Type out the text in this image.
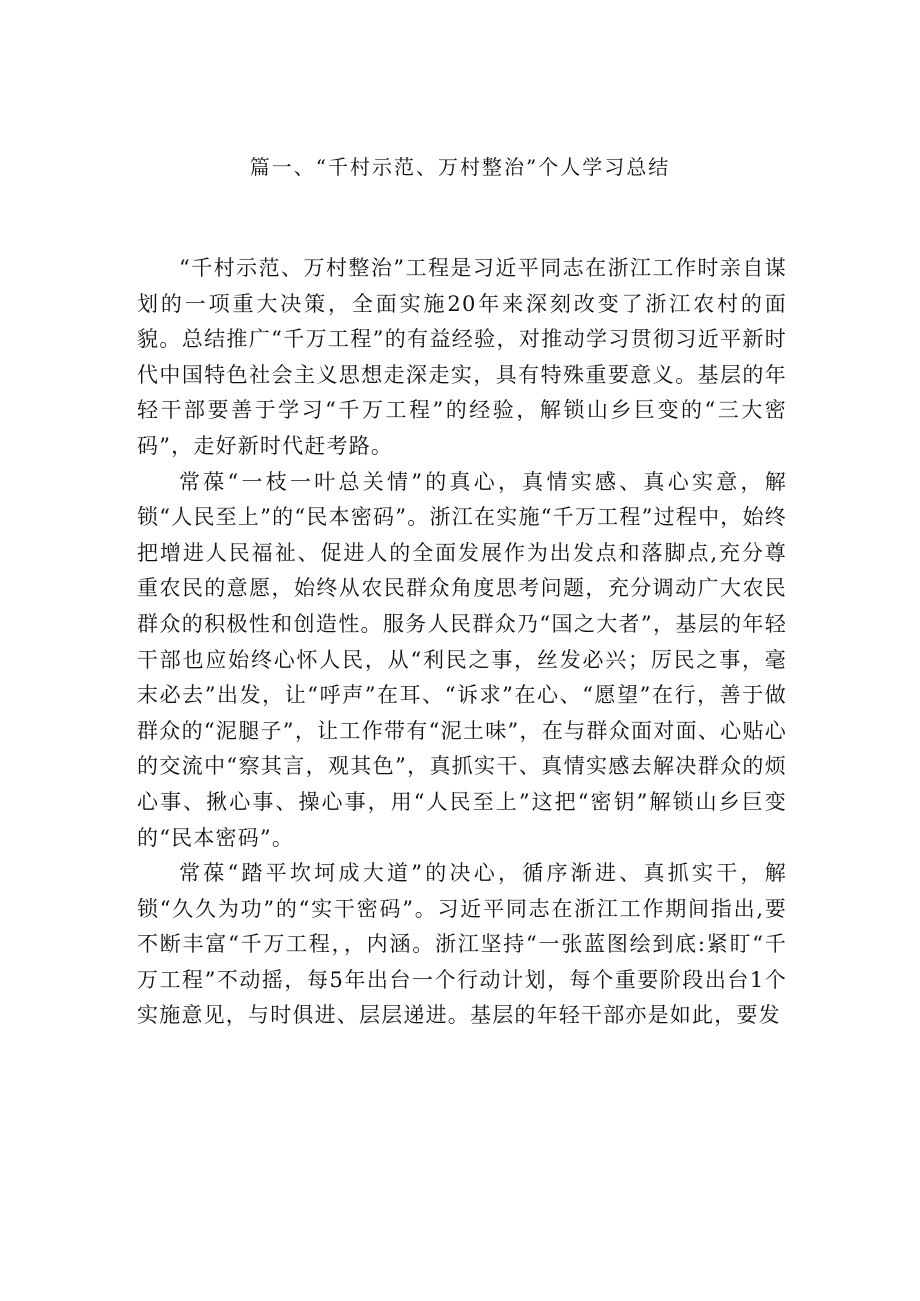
篇一、“千村示范、万村整治”个人学习总结

“千村示范、万村整治”工程是习近平同志在浙江工作时亲自谋划的一项重大决策，全面实施20年来深刻改变了浙江农村的面貌。总结推广“千万工程”的有益经验，对推动学习贯彻习近平新时代中国特色社会主义思想走深走实，具有特殊重要意义。基层的年轻干部要善于学习“千万工程”的经验，解锁山乡巨变的“三大密码”，走好新时代赶考路。

常葆“一枝一叶总关情”的真心，真情实感、真心实意，解锁“人民至上”的“民本密码”。浙江在实施“千万工程”过程中，始终把增进人民福祉、促进人的全面发展作为出发点和落脚点,充分尊重农民的意愿，始终从农民群众角度思考问题，充分调动广大农民群众的积极性和创造性。服务人民群众乃“国之大者”，基层的年轻干部也应始终心怀人民，从“利民之事，丝发必兴；厉民之事，毫末必去”出发，让“呼声”在耳、“诉求”在心、“愿望”在行，善于做群众的“泥腿子”，让工作带有“泥土味”，在与群众面对面、心贴心的交流中“察其言，观其色”，真抓实干、真情实感去解决群众的烦心事、揪心事、操心事，用“人民至上”这把“密钥”解锁山乡巨变的“民本密码”。

常葆“踏平坎坷成大道”的决心，循序渐进、真抓实干，解锁“久久为功”的“实干密码”。习近平同志在浙江工作期间指出,要不断丰富“千万工程，，内涵。浙江坚持“一张蓝图绘到底:紧盯“千万工程”不动摇，每5年出台一个行动计划，每个重要阶段出台1个实施意见，与时俱进、层层递进。基层的年轻干部亦是如此，要发
